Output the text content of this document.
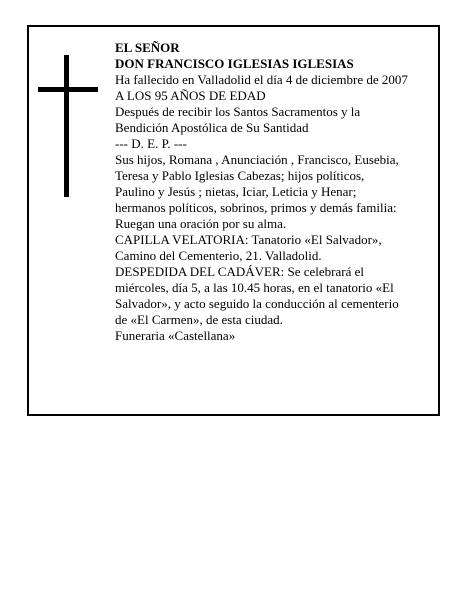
EL SEÑOR
DON FRANCISCO IGLESIAS IGLESIAS
Ha fallecido en Valladolid el día 4 de diciembre de 2007
A LOS 95 AÑOS DE EDAD
Después de recibir los Santos Sacramentos y la
Bendición Apostólica de Su Santidad
--- D. E. P. ---
Sus hijos, Romana , Anunciación , Francisco, Eusebia,
Teresa y Pablo Iglesias Cabezas; hijos políticos,
Paulino y Jesús ; nietas, Iciar, Leticia y Henar;
hermanos políticos, sobrinos, primos y demás familia:
Ruegan una oración por su alma.
CAPILLA VELATORIA: Tanatorio «El Salvador»,
Camino del Cementerio, 21. Valladolid.
DESPEDIDA DEL CADÁVER: Se celebrará el
miércoles, día 5, a las 10.45 horas, en el tanatorio «El
Salvador», y acto seguido la conducción al cementerio
de «El Carmen», de esta ciudad.
Funeraria «Castellana»
